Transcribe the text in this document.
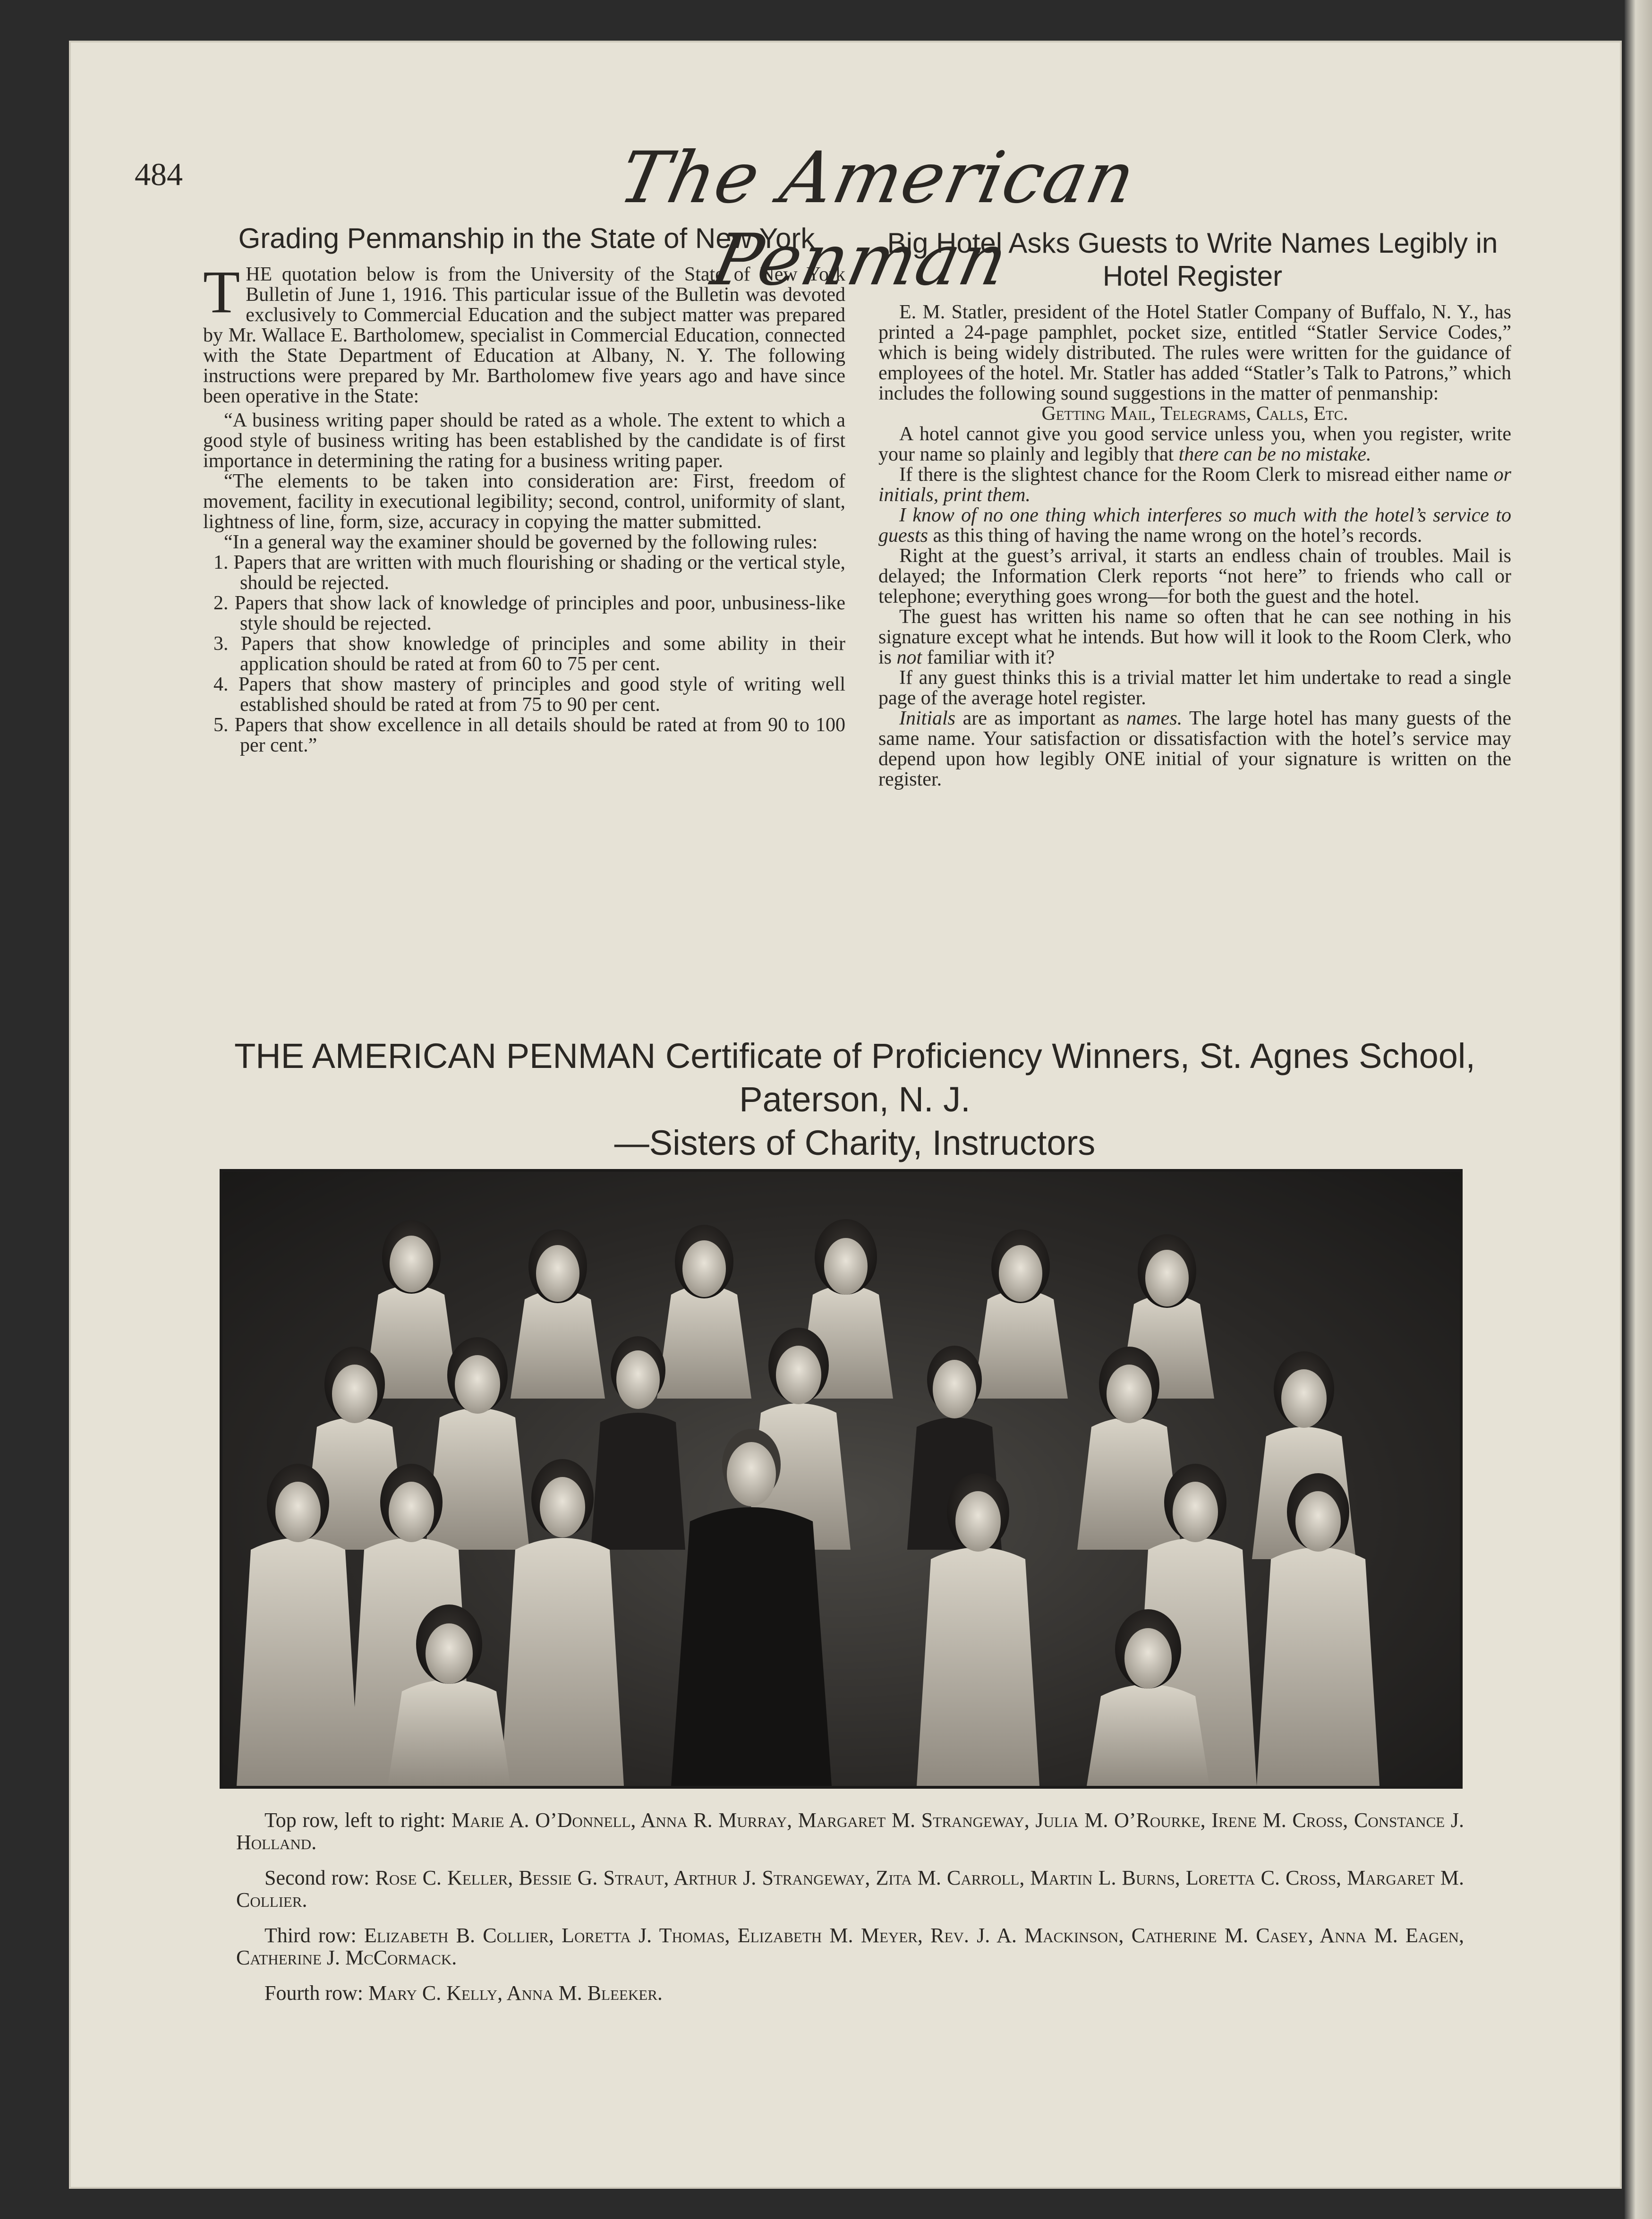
484	The American Penman
Grading Penmanship in the State of New York

THE quotation below is from the University of the State of New York Bulletin of June 1, 1916. This particular issue of the Bulletin was devoted exclusively to Commercial Education and the subject matter was prepared by Mr. Wallace E. Bartholomew, specialist in Commercial Education, connected with the State Department of Education at Albany, N. Y. The following instructions were prepared by Mr. Bartholomew five years ago and have since been operative in the State:

“A business writing paper should be rated as a whole. The extent to which a good style of business writing has been established by the candidate is of first importance in determining the rating for a business writing paper.

“The elements to be taken into consideration are: First, freedom of movement, facility in executional legibility; second, control, uniformity of slant, lightness of line, form, size, accuracy in copying the matter submitted.

“In a general way the examiner should be governed by the following rules:

1. Papers that are written with much flourishing or shading or the vertical style, should be rejected.
2. Papers that show lack of knowledge of principles and poor, unbusiness-like style should be rejected.
3. Papers that show knowledge of principles and some ability in their application should be rated at from 60 to 75 per cent.
4. Papers that show mastery of principles and good style of writing well established should be rated at from 75 to 90 per cent.
5. Papers that show excellence in all details should be rated at from 90 to 100 per cent.”
Big Hotel Asks Guests to Write Names Legibly in Hotel Register

E. M. Statler, president of the Hotel Statler Company of Buffalo, N. Y., has printed a 24-page pamphlet, pocket size, entitled “Statler Service Codes,” which is being widely distributed. The rules were written for the guidance of employees of the hotel. Mr. Statler has added “Statler’s Talk to Patrons,” which includes the following sound suggestions in the matter of penmanship:

Getting Mail, Telegrams, Calls, Etc.

A hotel cannot give you good service unless you, when you register, write your name so plainly and legibly that there can be no mistake.

If there is the slightest chance for the Room Clerk to misread either name or initials, print them.

I know of no one thing which interferes so much with the hotel’s service to guests as this thing of having the name wrong on the hotel’s records.

Right at the guest’s arrival, it starts an endless chain of troubles. Mail is delayed; the Information Clerk reports “not here” to friends who call or telephone; everything goes wrong—for both the guest and the hotel.

The guest has written his name so often that he can see nothing in his signature except what he intends. But how will it look to the Room Clerk, who is not familiar with it?

If any guest thinks this is a trivial matter let him undertake to read a single page of the average hotel register.

Initials are as important as names. The large hotel has many guests of the same name. Your satisfaction or dissatisfaction with the hotel’s service may depend upon how legibly ONE initial of your signature is written on the register.

THE AMERICAN PENMAN Certificate of Proficiency Winners, St. Agnes School, Paterson, N. J.
—Sisters of Charity, Instructors

Top row, left to right: Marie A. O’Donnell, Anna R. Murray, Margaret M. Strangeway, Julia M. O’Rourke, Irene M. Cross, Constance J. Holland.

Second row: Rose C. Keller, Bessie G. Straut, Arthur J. Strangeway, Zita M. Carroll, Martin L. Burns, Loretta C. Cross, Margaret M. Collier.

Third row: Elizabeth B. Collier, Loretta J. Thomas, Elizabeth M. Meyer, Rev. J. A. Mackinson, Catherine M. Casey, Anna M. Eagen, Catherine J. McCormack.

Fourth row: Mary C. Kelly, Anna M. Bleeker.
